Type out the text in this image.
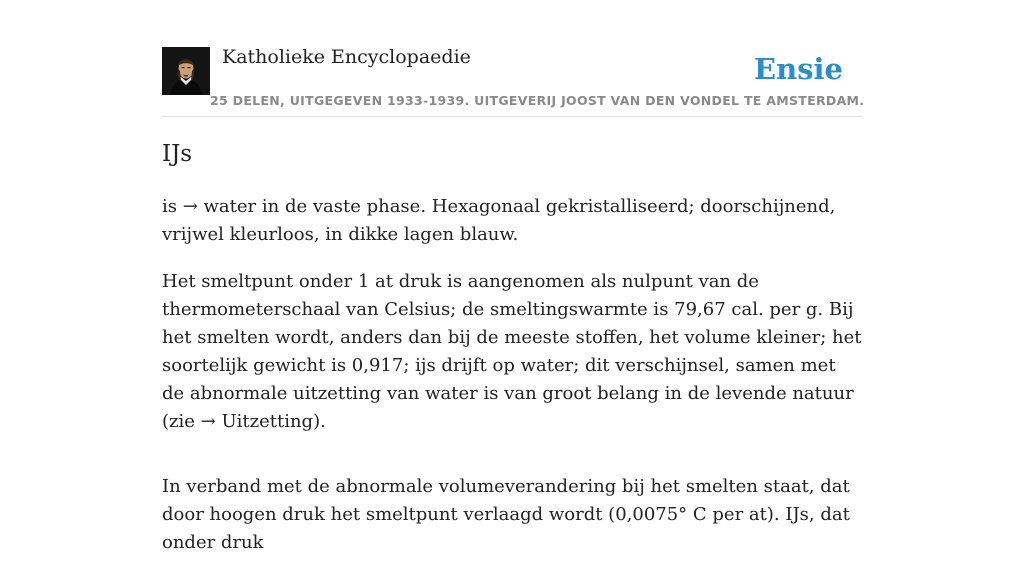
Katholieke Encyclopaedie
25 DELEN, UITGEGEVEN 1933-1939. UITGEVERIJ JOOST VAN DEN VONDEL TE AMSTERDAM.
Ensie
IJs

is → water in de vaste phase. Hexagonaal gekristalliseerd; doorschijnend, vrijwel kleurloos, in dikke lagen blauw.

Het smeltpunt onder 1 at druk is aangenomen als nulpunt van de thermometerschaal van Celsius; de smeltingswarmte is 79,67 cal. per g. Bij het smelten wordt, anders dan bij de meeste stoffen, het volume kleiner; het soortelijk gewicht is 0,917; ijs drijft op water; dit verschijnsel, samen met de abnormale uitzetting van water is van groot belang in de levende natuur (zie → Uitzetting).

In verband met de abnormale volumeverandering bij het smelten staat, dat door hoogen druk het smeltpunt verlaagd wordt (0,0075° C per at). IJs, dat onder druk
